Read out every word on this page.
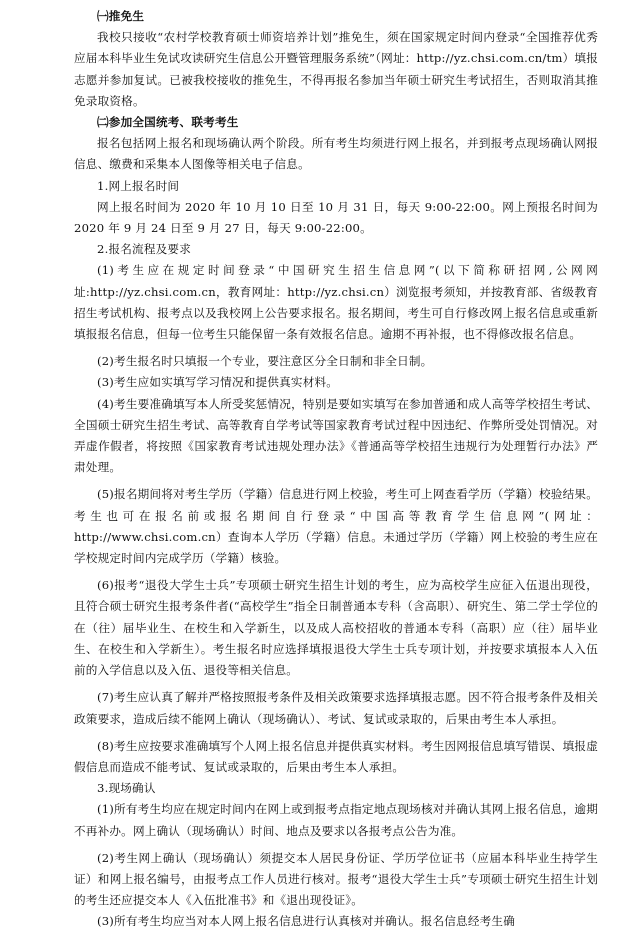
㈠推免生

我校只接收“农村学校教育硕士师资培养计划”推免生，须在国家规定时间内登录“全国推荐优秀应届本科毕业生免试攻读研究生信息公开暨管理服务系统”（网址：http://yz.chsi.com.cn/tm）填报志愿并参加复试。已被我校接收的推免生，不得再报名参加当年硕士研究生考试招生，否则取消其推免录取资格。

㈡参加全国统考、联考考生

报名包括网上报名和现场确认两个阶段。所有考生均须进行网上报名，并到报考点现场确认网报信息、缴费和采集本人图像等相关电子信息。

1.网上报名时间

网上报名时间为 2020 年 10 月 10 日至 10 月 31 日，每天 9:00-22:00。网上预报名时间为 2020 年 9 月 24 日至 9 月 27 日，每天 9:00-22:00。

2.报名流程及要求

(1)考生应在规定时间登录“中国研究生招生信息网”(以下简称研招网,公网网址:http://yz.chsi.com.cn，教育网址：http://yz.chsi.cn）浏览报考须知，并按教育部、省级教育招生考试机构、报考点以及我校网上公告要求报名。报名期间，考生可自行修改网上报名信息或重新填报报名信息，但每一位考生只能保留一条有效报名信息。逾期不再补报，也不得修改报名信息。

(2)考生报名时只填报一个专业，要注意区分全日制和非全日制。

(3)考生应如实填写学习情况和提供真实材料。

(4)考生要准确填写本人所受奖惩情况，特别是要如实填写在参加普通和成人高等学校招生考试、全国硕士研究生招生考试、高等教育自学考试等国家教育考试过程中因违纪、作弊所受处罚情况。对弄虚作假者，将按照《国家教育考试违规处理办法》《普通高等学校招生违规行为处理暂行办法》严肃处理。

(5)报名期间将对考生学历（学籍）信息进行网上校验，考生可上网查看学历（学籍）校验结果。考生也可在报名前或报名期间自行登录“中国高等教育学生信息网”(网址：http://www.chsi.com.cn）查询本人学历（学籍）信息。未通过学历（学籍）网上校验的考生应在学校规定时间内完成学历（学籍）核验。

(6)报考“退役大学生士兵”专项硕士研究生招生计划的考生，应为高校学生应征入伍退出现役，且符合硕士研究生报考条件者(“高校学生”指全日制普通本专科（含高职）、研究生、第二学士学位的在（往）届毕业生、在校生和入学新生，以及成人高校招收的普通本专科（高职）应（往）届毕业生、在校生和入学新生）。考生报名时应选择填报退役大学生士兵专项计划，并按要求填报本人入伍前的入学信息以及入伍、退役等相关信息。

(7)考生应认真了解并严格按照报考条件及相关政策要求选择填报志愿。因不符合报考条件及相关政策要求，造成后续不能网上确认（现场确认）、考试、复试或录取的，后果由考生本人承担。

(8)考生应按要求准确填写个人网上报名信息并提供真实材料。考生因网报信息填写错误、填报虚假信息而造成不能考试、复试或录取的，后果由考生本人承担。

3.现场确认

(1)所有考生均应在规定时间内在网上或到报考点指定地点现场核对并确认其网上报名信息，逾期不再补办。网上确认（现场确认）时间、地点及要求以各报考点公告为准。

(2)考生网上确认（现场确认）须提交本人居民身份证、学历学位证书（应届本科毕业生持学生证）和网上报名编号，由报考点工作人员进行核对。报考“退役大学生士兵”专项硕士研究生招生计划的考生还应提交本人《入伍批准书》和《退出现役证》。

(3)所有考生均应当对本人网上报名信息进行认真核对并确认。报名信息经考生确
